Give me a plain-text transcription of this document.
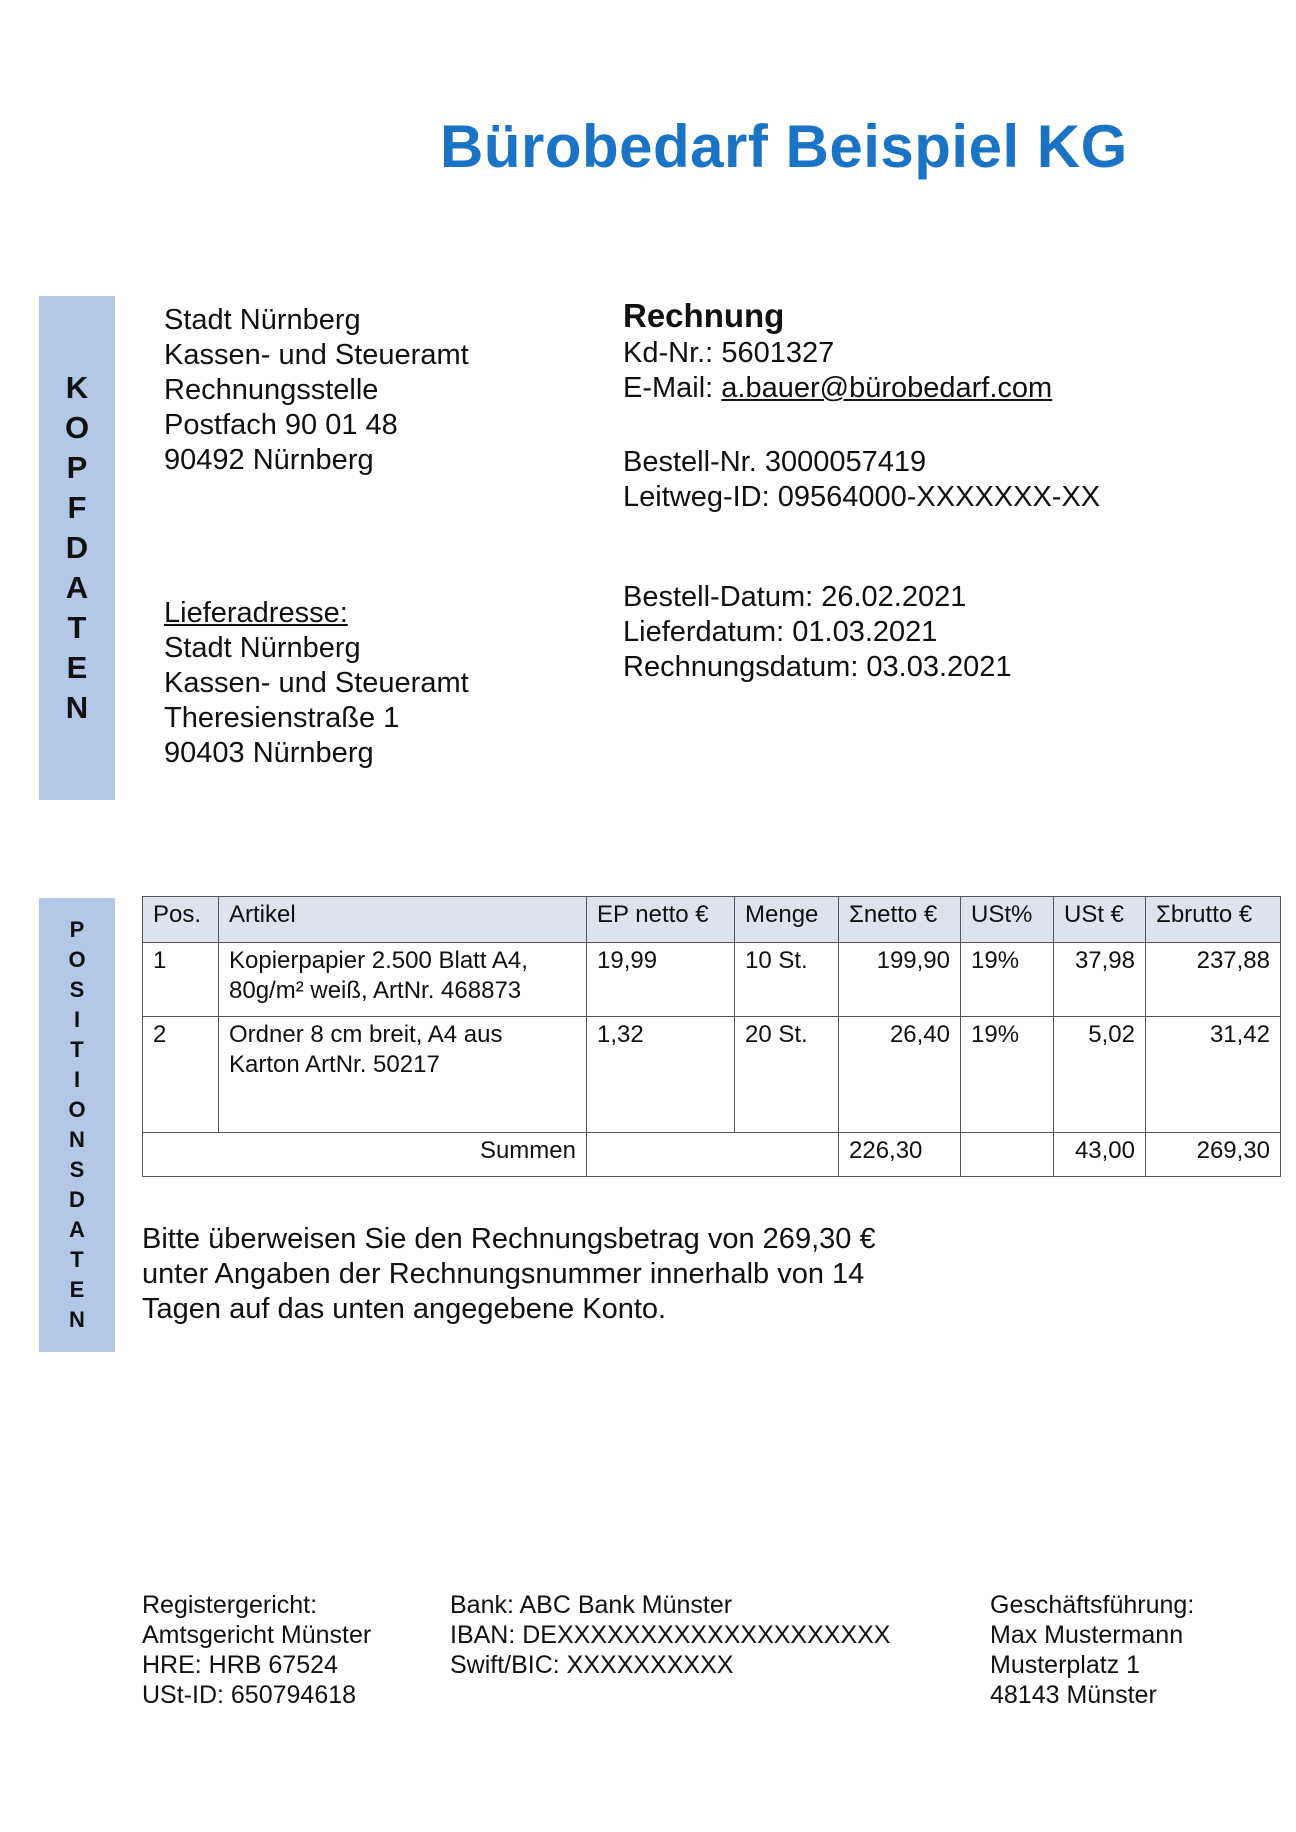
Bürobedarf Beispiel KG
K
O
P
F
D
A
T
E
N
P
O
S
I
T
I
O
N
S
D
A
T
E
N
Stadt Nürnberg
Kassen- und Steueramt
Rechnungsstelle
Postfach 90 01 48
90492 Nürnberg
Lieferadresse:
Stadt Nürnberg
Kassen- und Steueramt
Theresienstraße 1
90403 Nürnberg
Rechnung
Kd-Nr.: 5601327
E-Mail: a.bauer@bürobedarf.com
Bestell-Nr. 3000057419
Leitweg-ID: 09564000-XXXXXXX-XX
Bestell-Datum: 26.02.2021
Lieferdatum: 01.03.2021
Rechnungsdatum: 03.03.2021
Pos.	Artikel	EP netto €	Menge	Σnetto €	USt%	USt €	Σbrutto €
1	Kopierpapier 2.500 Blatt A4,
80g/m² weiß, ArtNr. 468873	19,99	10 St.	199,90	19%	37,98	237,88
2	Ordner 8 cm breit, A4 aus
Karton ArtNr. 50217	1,32	20 St.	26,40	19%	5,02	31,42
Summen				226,30		43,00	269,30
Bitte überweisen Sie den Rechnungsbetrag von 269,30 €
unter Angaben der Rechnungsnummer innerhalb von 14
Tagen auf das unten angegebene Konto.
Registergericht:
Amtsgericht Münster
HRE: HRB 67524
USt-ID: 650794618
Bank: ABC Bank Münster
IBAN: DEXXXXXXXXXXXXXXXXXXXX
Swift/BIC: XXXXXXXXXX
Geschäftsführung:
Max Mustermann
Musterplatz 1
48143 Münster
